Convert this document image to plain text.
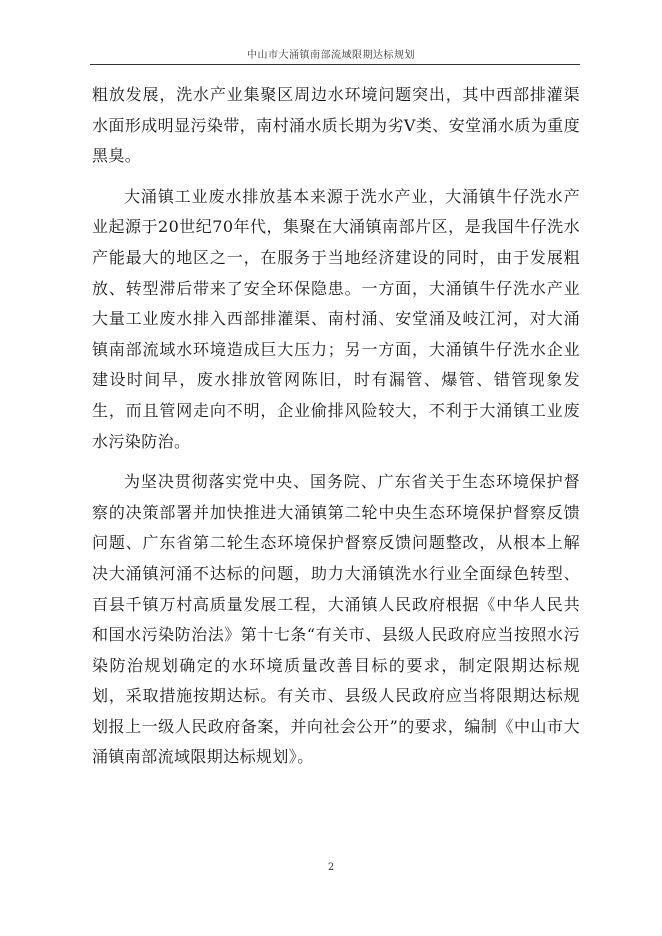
中山市大涌镇南部流域限期达标规划

粗放发展，洗水产业集聚区周边水环境问题突出，其中西部排灌渠水面形成明显污染带，南村涌水质长期为劣Ⅴ类、安堂涌水质为重度黑臭。

大涌镇工业废水排放基本来源于洗水产业，大涌镇牛仔洗水产业起源于20世纪70年代，集聚在大涌镇南部片区，是我国牛仔洗水产能最大的地区之一，在服务于当地经济建设的同时，由于发展粗放、转型滞后带来了安全环保隐患。一方面，大涌镇牛仔洗水产业大量工业废水排入西部排灌渠、南村涌、安堂涌及岐江河，对大涌镇南部流域水环境造成巨大压力；另一方面，大涌镇牛仔洗水企业建设时间早，废水排放管网陈旧，时有漏管、爆管、错管现象发生，而且管网走向不明，企业偷排风险较大，不利于大涌镇工业废水污染防治。

为坚决贯彻落实党中央、国务院、广东省关于生态环境保护督察的决策部署并加快推进大涌镇第二轮中央生态环境保护督察反馈问题、广东省第二轮生态环境保护督察反馈问题整改，从根本上解决大涌镇河涌不达标的问题，助力大涌镇洗水行业全面绿色转型、百县千镇万村高质量发展工程，大涌镇人民政府根据《中华人民共和国水污染防治法》第十七条“有关市、县级人民政府应当按照水污染防治规划确定的水环境质量改善目标的要求，制定限期达标规划，采取措施按期达标。有关市、县级人民政府应当将限期达标规划报上一级人民政府备案，并向社会公开”的要求，编制《中山市大涌镇南部流域限期达标规划》。

2
